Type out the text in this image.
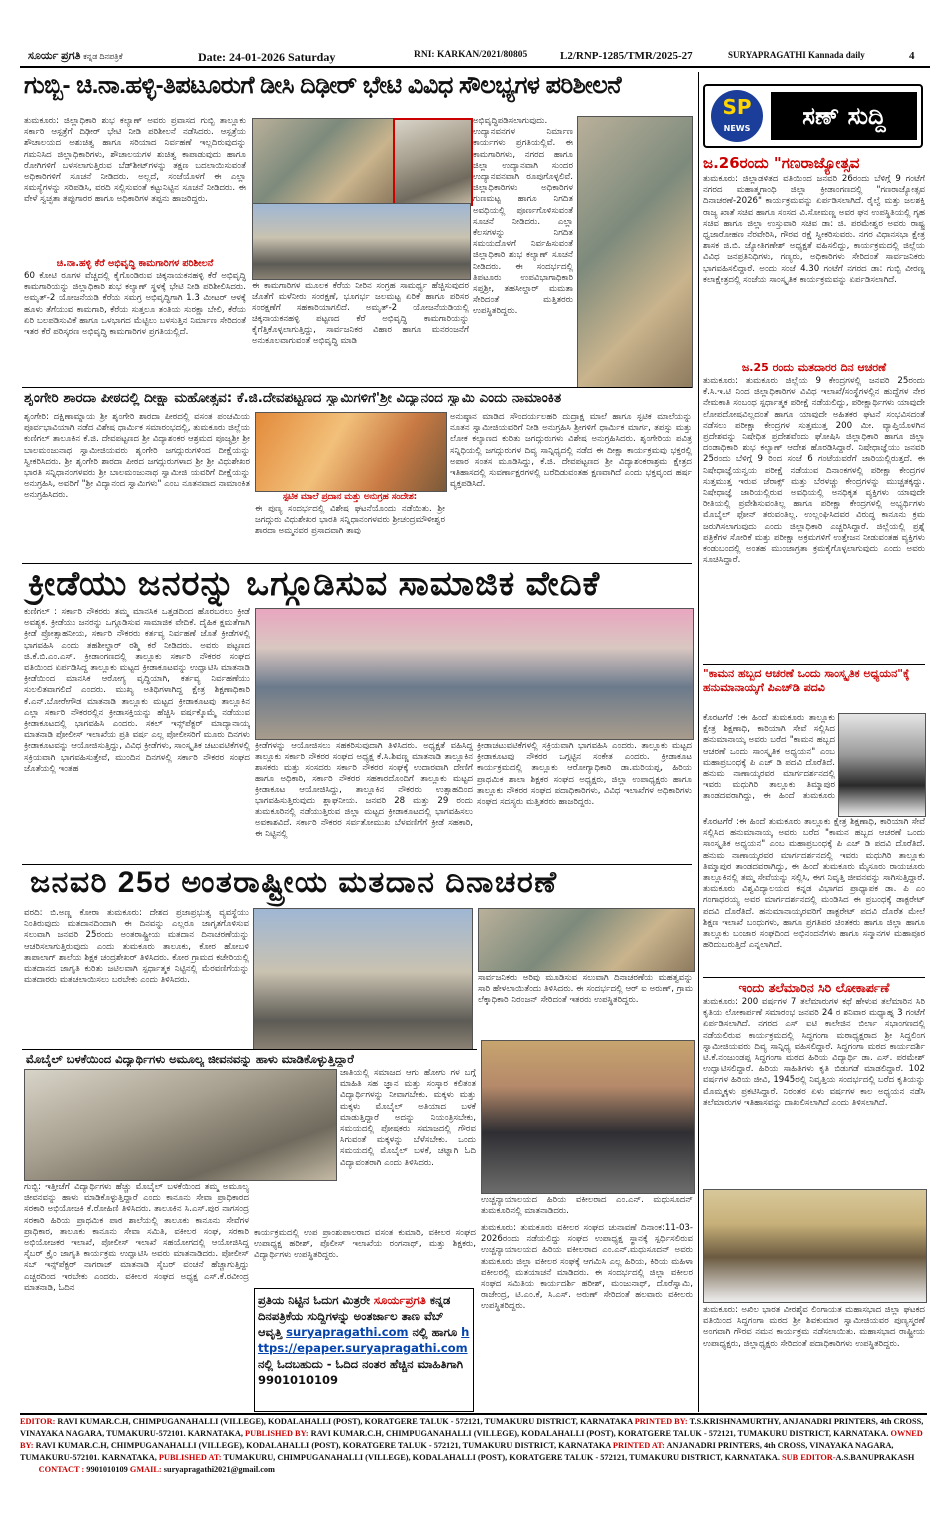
ಸೂರ್ಯ ಪ್ರಗತಿ ಕನ್ನಡ ದಿನಪತ್ರಿಕೆ	Date: 24-01-2026 Saturday	RNI: KARKAN/2021/80805	L2/RNP-1285/TMR/2025-27	SURYAPRAGATHI Kannada daily	4
ಗುಬ್ಬಿ- ಚಿ.ನಾ.ಹಳ್ಳಿ-ತಿಪಟೂರುಗೆ ಡೀಸಿ ದಿಢೀರ್ ಭೇಟಿ ವಿವಿಧ ಸೌಲಭ್ಯಗಳ ಪರಿಶೀಲನೆ
ತುಮಕೂರು: ಜಿಲ್ಲಾಧಿಕಾರಿ ಶುಭ ಕಲ್ಯಾಣ್ ಅವರು ಪ್ರವಾಸದ ಗುಬ್ಬಿ ತಾಲ್ಲೂಕು ಸರ್ಕಾರಿ ಆಸ್ಪತ್ರೆಗೆ ದಿಢೀರ್ ಭೇಟಿ ನೀಡಿ ಪರಿಶೀಲನೆ ನಡೆಸಿದರು. ಆಸ್ಪತ್ರೆಯ ಶೌಚಾಲಯದ ಅಶುಚಿತ್ವ ಹಾಗೂ ಸರಿಯಾದ ನಿರ್ವಹಣೆ ಇಲ್ಲದಿರುವುದನ್ನು ಗಮನಿಸಿದ ಜಿಲ್ಲಾಧಿಕಾರಿಗಳು, ಶೌಚಾಲಯಗಳ ಶುಚಿತ್ವ ಕಾಪಾಡುವುದು ಹಾಗೂ ರೋಗಿಗಳಿಗೆ ಬಳಸಲಾಗುತ್ತಿರುವ ಬೆಡ್‌ಶೀಟ್‌ಗಳನ್ನು ತಕ್ಷಣ ಬದಲಾಯಿಸುವಂತೆ ಅಧಿಕಾರಿಗಳಿಗೆ ಸೂಚನೆ ನೀಡಿದರು. ಅಲ್ಲದೆ, ಸಂಜೆಯೊಳಗೆ ಈ ಎಲ್ಲಾ ಸಮಸ್ಯೆಗಳನ್ನು ಸರಿಪಡಿಸಿ, ವರದಿ ಸಲ್ಲಿಸುವಂತೆ ಕಟ್ಟುನಿಟ್ಟಿನ ಸೂಚನೆ ನೀಡಿದರು. ಈ ವೇಳೆ ಸ್ವಚ್ಛತಾ ತಪ್ಪುಗಾರರ ಹಾಗೂ ಅಧಿಕಾರಿಗಳ ತಪ್ಪನು ಹಾಜರಿದ್ದರು.
ಚಿ.ನಾ.ಹಳ್ಳಿ ಕೆರೆ ಅಭಿವೃದ್ಧಿ ಕಾಮಗಾರಿಗಳ ಪರಿಶೀಲನೆ
60 ಕೋಟಿ ರೂಗಳ ವೆಚ್ಚದಲ್ಲಿ ಕೈಗೊಂಡಿರುವ ಚಿಕ್ಕನಾಯಕನಹಳ್ಳಿ ಕೆರೆ ಅಭಿವೃದ್ಧಿ ಕಾಮಗಾರಿಯನ್ನು ಜಿಲ್ಲಾಧಿಕಾರಿ ಶುಭ ಕಲ್ಯಾಣ್ ಸ್ಥಳಕ್ಕೆ ಭೇಟಿ ನೀಡಿ ಪರಿಶೀಲಿಸಿದರು. ಅಮೃತ್-2 ಯೋಜನೆಯಡಿ ಕೆರೆಯ ಸಮಗ್ರ ಅಭಿವೃದ್ಧಿಗಾಗಿ 1.3 ಮೀಟರ್ ಆಳಕ್ಕೆ ಹೂಳು ತೆಗೆಯುವ ಕಾಮಗಾರಿ, ಕೆರೆಯ ಸುತ್ತಲೂ ತಂತಿಯ ಸುರಕ್ಷಾ ಬೇಲಿ, ಕೆರೆಯ ಏರಿ ಬಲಪಡಿಸುವಿಕೆ ಹಾಗೂ ಒಳಭಾಗದ ಮೆಟ್ಟಿಲು ಬಳಸುತ್ತಿನ ನಿರ್ಮಾಣ ಸೇರಿದಂತೆ ಇತರ ಕೆರೆ ಪರಿಸ್ಕರಣ ಅಭಿವೃದ್ಧಿ ಕಾಮಗಾರಿಗಳ ಪ್ರಗತಿಯಲ್ಲಿದೆ.
ಈ ಕಾಮಗಾರಿಗಳ ಮೂಲಕ ಕೆರೆಯ ನೀರಿನ ಸಂಗ್ರಹ ಸಾಮರ್ಥ್ಯ ಹೆಚ್ಚಿಸುವುದರ ಜೊತೆಗೆ ಮಳೆನೀರು ಸಂರಕ್ಷಣೆ, ಭೂಗರ್ಭ ಜಲಮಟ್ಟ ಏರಿಕೆ ಹಾಗೂ ಪರಿಸರ ಸಂರಕ್ಷಣೆಗೆ ಸಹಕಾರಿಯಾಗಲಿದೆ. ಅಮೃತ್-2 ಯೋಜನೆಯಡಿಯಲ್ಲಿ ಚಿಕ್ಕನಾಯಕನಹಳ್ಳಿ ಪಟ್ಟಣದ ಕೆರೆ ಅಭಿವೃದ್ಧಿ ಕಾಮಗಾರಿಯನ್ನು ಕೈಗೆತ್ತಿಕೊಳ್ಳಲಾಗುತ್ತಿದ್ದು, ಸಾರ್ವಜನಿಕರ ವಿಹಾರ ಹಾಗೂ ಮನರಂಜನೆಗೆ ಅನುಕೂಲವಾಗುವಂತೆ ಅಭಿವೃದ್ಧಿ ಮಾಡಿ
ಅಭಿವೃದ್ಧಿಪಡಿಸಲಾಗುವುದು. ಉದ್ಯಾನವನಗಳ ನಿರ್ಮಾಣ ಕಾರ್ಯಗಳು ಪ್ರಗತಿಯಲ್ಲಿವೆ. ಈ ಕಾಮಗಾರಿಗಳು, ನಗರದ ಹಾಗೂ ಜಿಲ್ಲಾ ಉದ್ಯಾನವಾಗಿ ಸುಂದರ ಉದ್ಯಾನವನವಾಗಿ ರೂಪುಗೊಳ್ಳಲಿವೆ. ಜಿಲ್ಲಾಧಿಕಾರಿಗಳು ಅಧಿಕಾರಿಗಳ ಗುಣಮಟ್ಟ ಹಾಗೂ ನಿಗದಿತ ಅವಧಿಯಲ್ಲಿ ಪೂರ್ಣಗೊಳಿಸುವಂತೆ ಸೂಚನೆ ನೀಡಿದರು. ಎಲ್ಲಾ ಕೆಲಸಗಳನ್ನು ನಿಗದಿತ ಸಮಯದೊಳಗೆ ನಿರ್ವಹಿಸುವಂತೆ ಜಿಲ್ಲಾಧಿಕಾರಿ ಶುಭ ಕಲ್ಯಾಣ್ ಸೂಚನೆ ನೀಡಿದರು. ಈ ಸಂದರ್ಭದಲ್ಲಿ ತಿಪಟೂರು ಉಪವಿಭಾಗಾಧಿಕಾರಿ ಸಪ್ತಶ್ರೀ, ತಹಸೀಲ್ದಾರ್ ಮಮತಾ ಸೇರಿದಂತೆ ಮತ್ತಿತರರು ಉಪಸ್ಥಿತರಿದ್ದರು.
ಶೃಂಗೇರಿ ಶಾರದಾ ಪೀಠದಲ್ಲಿ ದೀಕ್ಷಾ ಮಹೋತ್ಸವ: ಕೆ.ಜಿ.ದೇವಪಟ್ಟಣದ ಸ್ವಾಮಿಗಳಿಗೆ'ಶ್ರೀ ವಿದ್ಯಾನಂದ ಸ್ವಾಮಿ ಎಂದು ನಾಮಾಂಕಿತ
ಶೃಂಗೇರಿ: ದಕ್ಷಿಣಾಮ್ನಾಯ ಶ್ರೀ ಶೃಂಗೇರಿ ಶಾರದಾ ಪೀಠದಲ್ಲಿ ವಸಂತ ಪಂಚಮಿಯ ಪೂರ್ವಭಾವಿಯಾಗಿ ನಡೆದ ವಿಶೇಷ ಧಾರ್ಮಿಕ ಸಮಾರಂಭದಲ್ಲಿ, ತುಮಕೂರು ಜಿಲ್ಲೆಯ ಕುಣಿಗಲ್ ತಾಲೂಕಿನ ಕೆ.ಜಿ. ದೇವಪಟ್ಟಣದ ಶ್ರೀ ವಿದ್ಯಾಶಂಕರ ಆಶ್ರಮದ ಪೂಜ್ಯಶ್ರೀ ಶ್ರೀ ಬಾಲಮಂಜುನಾಥ ಸ್ವಾಮೀಜಿಯವರು ಶೃಂಗೇರಿ ಜಗದ್ಗುರುಗಳಿಂದ ದೀಕ್ಷೆಯನ್ನು ಸ್ವೀಕರಿಸಿದರು. ಶ್ರೀ ಶೃಂಗೇರಿ ಶಾರದಾ ಪೀಠದ ಜಗದ್ಗುರುಗಳಾದ ಶ್ರೀ ಶ್ರೀ ವಿಧುಶೇಖರ ಭಾರತಿ ಸನ್ನಿಧಾನಂಗಳವರು ಶ್ರೀ ಬಾಲಮಂಜುನಾಥ ಸ್ವಾಮೀಜಿ ಯವರಿಗೆ ದೀಕ್ಷೆಯನ್ನು ಅನುಗ್ರಹಿಸಿ, ಅವರಿಗೆ "ಶ್ರೀ ವಿದ್ಯಾನಂದ ಸ್ವಾಮಿಗಳು" ಎಂಬ ನೂತನವಾದ ನಾಮಾಂಕಿತ ಅನುಗ್ರಹಿಸಿದರು.	ಸ್ಪಟಿಕ ಮಾಲೆ ಪ್ರದಾನ ಮತ್ತು ಅನುಗ್ರಹ ಸಂದೇಶ:
ಈ ಪುಣ್ಯ ಸಂದರ್ಭದಲ್ಲಿ ವಿಶೇಷ ಘಟನೆಯೊಂದು ನಡೆಯಿತು. ಶ್ರೀ ಜಗದ್ಗುರು ವಿಧುಶೇಖರ ಭಾರತಿ ಸನ್ನಿಧಾನಂಗಳವರು ಶ್ರೀಚಂದ್ರಮೌಳೀಶ್ವರ ಶಾರದಾ ಅಮ್ಮನವರ ಪ್ರಸಾದವಾಗಿ ತಾವು
ಅನುಷ್ಠಾನ ಮಾಡಿದ ಸೌಂದರ್ಯಲಹರಿ ದುದ್ರಾಕ್ಷ ಮಾಲೆ ಹಾಗೂ ಸ್ಫಟಿಕ ಮಾಲೆಯನ್ನು ನೂತನ ಸ್ವಾಮೀಜಿಯವರಿಗೆ ನೀಡಿ ಅನುಗ್ರಹಿಸಿ ಶ್ರೀಗಳಿಗೆ ಧಾರ್ಮಿಕ ಮಾರ್ಗ, ತಪಸ್ಸು ಮತ್ತು ಲೋಕ ಕಲ್ಯಾಣದ ಕುರಿತು ಜಗದ್ಗುರುಗಳು ವಿಶೇಷ ಅನುಗ್ರಹಿಸಿದರು. ಶೃಂಗೇರಿಯ ಪವಿತ್ರ ಸನ್ನಿಧಿಯಲ್ಲಿ ಜಗದ್ಗುರುಗಳ ದಿವ್ಯ ಸಾನ್ನಿಧ್ಯದಲ್ಲಿ ನಡೆದ ಈ ದೀಕ್ಷಾ ಕಾರ್ಯಕ್ರಮವು ಭಕ್ತರಲ್ಲಿ ಅಪಾರ ಸಂತಸ ಮೂಡಿಸಿದ್ದು, ಕೆ.ಜಿ. ದೇವಪಟ್ಟಣದ ಶ್ರೀ ವಿದ್ಯಾಶಂಕರಾಶ್ರಮ ಕ್ಷೇತ್ರದ ಇತಿಹಾಸದಲ್ಲಿ ಸುವರ್ಣಾಕ್ಷರಗಳಲ್ಲಿ ಬರೆದಿಡುವಂತಹ ಕ್ಷಣವಾಗಿದೆ ಎಂದು ಭಕ್ತವೃಂದ ಹರ್ಷ ವ್ಯಕ್ತಪಡಿಸಿದೆ.
ಕ್ರೀಡೆಯು ಜನರನ್ನು ಒಗ್ಗೂಡಿಸುವ ಸಾಮಾಜಿಕ ವೇದಿಕೆ
ಕುಣಿಗಲ್ : ಸರ್ಕಾರಿ ನೌಕರರು ತಮ್ಮ ಮಾನಸಿಕ ಒತ್ತಡದಿಂದ ಹೊರಬರಲು ಕ್ರೀಡೆ ಅವಶ್ಯಕ. ಕ್ರೀಡೆಯು ಜನರನ್ನು ಒಗ್ಗೂಡಿಸುವ ಸಾಮಾಜಿಕ ವೇದಿಕೆ. ದೈಹಿಕ ಕ್ಷಮತೆಗಾಗಿ ಕ್ರೀಡೆ ಪ್ರೋತ್ಸಾಹನೀಯ, ಸರ್ಕಾರಿ ನೌಕರರು ಕರ್ತವ್ಯ ನಿರ್ವಹಣೆ ಜೊತೆ ಕ್ರೀಡೆಗಳಲ್ಲಿ ಭಾಗವಹಿಸಿ ಎಂದು ತಹಶೀಲ್ದಾರ್ ರಶ್ಮಿ ಕರೆ ನೀಡಿದರು. ಅವರು ಪಟ್ಟಣದ ಜಿ.ಕೆ.ಬಿ.ಎಂ.ಎಸ್. ಕ್ರೀಡಾಂಗಣದಲ್ಲಿ ತಾಲ್ಲೂಕು ಸರ್ಕಾರಿ ನೌಕರರ ಸಂಘದ ವತಿಯಿಂದ ಏರ್ಪಡಿಸಿದ್ದ ತಾಲ್ಲೂಕು ಮಟ್ಟದ ಕ್ರೀಡಾಕೂಟವನ್ನು ಉದ್ಘಾಟಿಸಿ ಮಾತನಾಡಿ ಕ್ರೀಡೆಯಿಂದ ಮಾನಸಿಕ ಆರೋಗ್ಯ ವೃದ್ಧಿಯಾಗಿ, ಕರ್ತವ್ಯ ನಿರ್ವಹಣೆಯು ಸುಲಲಿತವಾಗಲಿದೆ ಎಂದರು. ಮುಖ್ಯ ಅತಿಥಿಗಳಾಗಿದ್ದ ಕ್ಷೇತ್ರ ಶಿಕ್ಷಣಾಧಿಕಾರಿ ಕೆ.ಎನ್.ಬೋರೇಗೌಡ ಮಾತನಾಡಿ ತಾಲ್ಲೂಕು ಮಟ್ಟದ ಕ್ರೀಡಾಕೂಟವು ತಾಲ್ಲೂಕಿನ ಎಲ್ಲಾ ಸರ್ಕಾರಿ ನೌಕರರಲ್ಲಿನ ಕ್ರೀಡಾಸಕ್ತಿಯನ್ನು ಹೆಚ್ಚಿಸಿ ವರ್ಷಕ್ಕೊಮ್ಮೆ ನಡೆಯುವ ಕ್ರೀಡಾಕೂಟದಲ್ಲಿ ಭಾಗವಹಿಸಿ ಎಂದರು. ಸಕಲ್ ಇನ್ಸ್‌ಪೆಕ್ಟರ್ ಮಾದ್ಯಾನಾಯ್ಕ ಮಾತನಾಡಿ ಪೋಲೀಸ್ ಇಲಾಖೆಯ ಪ್ರತಿ ವರ್ಷ ಎಲ್ಲ ಪೋಲೀಸರಿಗೆ ಮೂರು ದಿನಗಳು ಕ್ರೀಡಾಕೂಟವನ್ನು ಆಯೋಜಿಸುತ್ತಿದ್ದು, ವಿವಿಧ ಕ್ರೀಡೆಗಳು, ಸಾಂಸ್ಕೃತಿಕ ಚಟುವಟಿಕೆಗಳಲ್ಲಿ ಸಕ್ರಿಯವಾಗಿ ಭಾಗವಹಿಸುತ್ತೇವೆ, ಮುಂದಿನ ದಿನಗಳಲ್ಲಿ ಸರ್ಕಾರಿ ನೌಕರರ ಸಂಘದ ಜೊತೆಯಲ್ಲಿ ಇಂತಹ
ಕ್ರೀಡೆಗಳನ್ನು ಆಯೋಜಿಸಲು ಸಹಕರಿಸುವುದಾಗಿ ತಿಳಿಸಿದರು. ಅಧ್ಯಕ್ಷತೆ ವಹಿಸಿದ್ದ ತಾಲ್ಲೂಕು ಸರ್ಕಾರಿ ನೌಕರರ ಸಂಘದ ಅಧ್ಯಕ್ಷ ಕೆ.ಸಿ.ಶಿವಣ್ಣ ಮಾತನಾಡಿ ತಾಲ್ಲೂಕಿನ ಶಾಸಕರು ಮತ್ತು ಸಂಸದರು ಸರ್ಕಾರಿ ನೌಕರರ ಸಂಘಕ್ಕೆ ಉದಾರವಾಗಿ ದೇಣಿಗೆ ಹಾಗೂ ಅಧಿಕಾರಿ, ಸರ್ಕಾರಿ ನೌಕರರ ಸಹಕಾರದೊಂದಿಗೆ ತಾಲ್ಲೂಕು ಮಟ್ಟದ ಕ್ರೀಡಾಕೂಟ ಆಯೋಜಿಸಿದ್ದು, ತಾಲ್ಲೂಕಿನ ನೌಕರರು ಉತ್ಸಾಹದಿಂದ ಭಾಗವಹಿಸುತ್ತಿರುವುದು ಶ್ಲಾಘನೀಯ. ಜನವರಿ 28 ಮತ್ತು 29 ರಂದು ತುಮಕೂರಿನಲ್ಲಿ ನಡೆಯುತ್ತಿರುವ ಜಿಲ್ಲಾ ಮಟ್ಟದ ಕ್ರೀಡಾಕೂಟದಲ್ಲಿ ಭಾಗವಹಿಸಲು ಅವಕಾಶವಿದೆ. ಸರ್ಕಾರಿ ನೌಕರರ ಸರ್ವತೋಮುಖ ಬೆಳವಣಿಗೆಗೆ ಕ್ರೀಡೆ ಸಹಕಾರಿ, ಈ ನಿಟ್ಟಿನಲ್ಲಿ
ಕ್ರೀಡಾಚಟುವಟಿಕೆಗಳಲ್ಲಿ ಸಕ್ರಿಯವಾಗಿ ಭಾಗವಹಿಸಿ ಎಂದರು. ತಾಲ್ಲೂಕು ಮಟ್ಟದ ಕ್ರೀಡಾಕೂಟವು ನೌಕರರ ಒಗ್ಗಟ್ಟಿನ ಸಂಕೇತ ಎಂದರು. ಕ್ರೀಡಾಕೂಟ ಕಾರ್ಯಕ್ರಮದಲ್ಲಿ ತಾಲ್ಲೂಕು ಆರೋಗ್ಯಾಧಿಕಾರಿ ಡಾ.ಮರಿಯಪ್ಪ, ಹಿರಿಯ ಪ್ರಾಥಮಿಕ ಶಾಲಾ ಶಿಕ್ಷಕರ ಸಂಘದ ಅಧ್ಯಕ್ಷರು, ಜಿಲ್ಲಾ ಉಪಾಧ್ಯಕ್ಷರು ಹಾಗೂ ತಾಲ್ಲೂಕು ನೌಕರರ ಸಂಘದ ಪದಾಧಿಕಾರಿಗಳು, ವಿವಿಧ ಇಲಾಖೆಗಳ ಅಧಿಕಾರಿಗಳು ಸಂಘದ ಸದಸ್ಯರು ಮತ್ತಿತರರು ಹಾಜರಿದ್ದರು.
ಜನವರಿ 25ರ ಅಂತರಾಷ್ಟ್ರೀಯ ಮತದಾನ ದಿನಾಚರಣೆ
ವರದಿ: ಬಿ.ಅಣ್ಣ ಕೋರಾ ತುಮಕೂರು: ದೇಶದ ಪ್ರಜಾಪ್ರಭುತ್ವ ವ್ಯವಸ್ಥೆಯು ನಿಂತಿರುವುದು ಮತದಾನದಿಂದಾಗಿ ಈ ದಿನವನ್ನು ಎಲ್ಲರೂ ಜಾಗೃತಗೊಳಿಸುವ ಸಲುವಾಗಿ ಜನವರಿ 25ರಂದು ಅಂತರಾಷ್ಟ್ರೀಯ ಮತದಾನ ದಿನಾಚರಣೆಯನ್ನು ಆಚರಿಸಲಾಗುತ್ತಿರುವುದು ಎಂದು ತುಮಕೂರು ತಾಲೂಕು, ಕೋರ ಹೋಬಳಿ ತಾಪಾಲಾಗ್‌ ಶಾಲೆಯ ಶಿಕ್ಷಕ ಚಂದ್ರಶೇಖರ್ ತಿಳಿಸಿದರು. ಕೋರ ಗ್ರಾಮದ ಕಚೇರಿಯಲ್ಲಿ ಮತದಾನದ ಜಾಗೃತಿ ಕುರಿತು ಜಟಿಲವಾಗಿ ಸ್ಪರ್ಧಾತ್ಮಕ ನಿಟ್ಟಿನಲ್ಲಿ ಮೆರವಣಿಗೆಯನ್ನು ಮತದಾರರು ಮತಚಲಾಯಿಸಲು ಬರಬೇಕು ಎಂದು ತಿಳಿಸಿದರು.	ಸಾರ್ವಜನಿಕರು ಅರಿವು ಮೂಡಿಸುವ ಸಲುವಾಗಿ ದಿನಾಚರಣೆಯ ಮಹತ್ವವನ್ನು ಸಾರಿ ಹೇಳಲಾಯಿತೆಂದು ತಿಳಿಸಿದರು. ಈ ಸಂದರ್ಭದಲ್ಲಿ ಆರ್ ಐ ಅರುಣ್, ಗ್ರಾಮ ಲೆಕ್ಕಾಧಿಕಾರಿ ನಿರಂಜನ್ ಸೇರಿದಂತೆ ಇತರರು ಉಪಸ್ಥಿತರಿದ್ದರು.
ಮೊಬೈಲ್ ಬಳಕೆಯಿಂದ ವಿದ್ಯಾರ್ಥಿಗಳು ಅಮೂಲ್ಯ ಜೀವನವನ್ನು ಹಾಳು ಮಾಡಿಕೊಳ್ಳುತ್ತಿದ್ದಾರೆ
ಜಾತಿಯಲ್ಲಿ ಸಮಾಜದ ಆಗು ಹೋಗು ಗಳ ಬಗ್ಗೆ ಮಾಹಿತಿ ಸಹ ಜ್ಞಾನ ಮತ್ತು ಸಂಸ್ಕಾರ ಕಲಿತಂತ ವಿದ್ಯಾರ್ಥಿಗಳನ್ನು ನೀವಾಗಬೇಕು. ಮಕ್ಕಳು ಮತ್ತು ಮಕ್ಕಳು ಮೊಬೈಲ್ ಅತಿಯಾದ ಬಳಕೆ ಮಾಡುತ್ತಿದ್ದಾರೆ ಅದನ್ನು ನಿಯಂತ್ರಿಸಬೇಕು, ಸಮಯದಲ್ಲಿ ಪೋಷಕರು ಸಮಾಜದಲ್ಲಿ ಗೌರವ ಸಿಗುವಂತೆ ಮಕ್ಕಳನ್ನು ಬೆಳೆಸಬೇಕು. ಒಂದು ಸಮಯದಲ್ಲಿ ಮೊಬೈಲ್ ಬಳಕೆ, ಚಟ್ನಾಗಿ ಓದಿ ವಿದ್ಯಾವಂತರಾಗಿ ಎಂದು ತಿಳಿಸಿದರು.
ಗುಬ್ಬಿ: ಇತ್ತೀಚೆಗೆ ವಿದ್ಯಾರ್ಥಿಗಳು ಹೆಚ್ಚು ಮೊಬೈಲ್ ಬಳಕೆಯಿಂದ ತಮ್ಮ ಅಮೂಲ್ಯ ಜೀವನವನ್ನು ಹಾಳು ಮಾಡಿಕೊಳ್ಳುತ್ತಿದ್ದಾರೆ ಎಂದು ಕಾನೂನು ಸೇವಾ ಪ್ರಾಧಿಕಾರದ ಸರಕಾರಿ ಅಭಿಯೋಜಕಿ ಕೆ.ರೋಹಿಣಿ ತಿಳಿಸಿದರು. ತಾಲೂಕಿನ ಸಿ.ಎಸ್.ಪುರ ನಾಗಸಂದ್ರ ಸರಕಾರಿ ಹಿರಿಯ ಪ್ರಾಥಮಿಕ ಪಾಠ ಶಾಲೆಯಲ್ಲಿ ತಾಲೂಕು ಕಾನೂನು ಸೇವೆಗಳ ಪ್ರಾಧಿಕಾರ, ತಾಲೂಕು ಕಾನೂನು ಸೇವಾ ಸಮಿತಿ, ವಕೀಲರ ಸಂಘ, ಸರಕಾರಿ ಅಭಿಯೋಜಕರ ಇಲಾಖೆ, ಪೋಲೀಸ್ ಇಲಾಖೆ ಸಹಯೋಗದಲ್ಲಿ ಆಯೋಜಿಸಿದ್ದ ಸೈಬರ್ ಕ್ರೈಂ ಜಾಗೃತಿ ಕಾರ್ಯಕ್ರಮ ಉದ್ಘಾಟಿಸಿ ಅವರು ಮಾತನಾಡಿದರು. ಪೋಲೀಸ್ ಸಬ್ ಇನ್ಸ್‌ಪೆಕ್ಟರ್ ನಾಗರಾಜ್ ಮಾತನಾಡಿ ಸೈಬರ್ ವಂಚನೆ ಹೆಚ್ಚಾಗುತ್ತಿದ್ದು ಎಚ್ಚರದಿಂದ ಇರಬೇಕು ಎಂದರು. ವಕೀಲರ ಸಂಘದ ಅಧ್ಯಕ್ಷ ಎಸ್.ಕೆ.ರವೀಂದ್ರ ಮಾತನಾಡಿ, ಓದಿನ
ಕಾರ್ಯಕ್ರಮದಲ್ಲಿ ಉಪ ಪ್ರಾಂಶುಪಾಲರಾದ ವಸಂತ ಕುಮಾರಿ, ವಕೀಲರ ಸಂಘದ ಉಪಾಧ್ಯಕ್ಷ ಹರೀಶ್, ಪೊಲೀಸ್ ಇಲಾಖೆಯ ರಂಗನಾಥ್, ಮತ್ತು ಶಿಕ್ಷಕರು, ವಿದ್ಯಾರ್ಥಿಗಳು ಉಪಸ್ಥಿತರಿದ್ದರು.
ಪ್ರತಿಯ ನಿಟ್ಟಿನ ಓದುಗ ಮಿತ್ರರೇ ಸೂರ್ಯಪ್ರಗತಿ ಕನ್ನಡ ದಿನಪತ್ರಿಕೆಯ ಸುದ್ದಿಗಳನ್ನು ಅಂತರ್ಜಾಲ ತಾಣ ವೆಬ್ ಆವೃತ್ತಿ suryapragathi.com ನಲ್ಲಿ ಹಾಗೂ https://epaper.suryapragathi.com ನಲ್ಲಿ ಓದಬಹುದು - ಓದಿದ ನಂತರ ಹೆಚ್ಚಿನ ಮಾಹಿತಿಗಾಗಿ 9901010109
ಉಚ್ಚನ್ಯಾಯಾಲಯದ ಹಿರಿಯ ವಕೀಲರಾದ ಎಂ.ಎನ್. ಮಧುಸೂದನ್ ತುಮಕೂರಿನಲ್ಲಿ ಮಾತನಾಡಿದರು.
ತುಮಕೂರು: ತುಮಕೂರು ವಕೀಲರ ಸಂಘದ ಚುನಾವಣೆ ದಿನಾಂಕ:11-03-2026ರಂದು ನಡೆಯಲಿದ್ದು ಸಂಘದ ಉಪಾಧ್ಯಕ್ಷ ಸ್ಥಾನಕ್ಕೆ ಸ್ಪರ್ಧಿಸಲಿರುವ ಉಚ್ಚನ್ಯಾಯಾಲಯದ ಹಿರಿಯ ವಕೀಲರಾದ ಎಂ.ಎನ್.ಮಧುಸೂದನ್ ಅವರು ತುಮಕೂರು ಜಿಲ್ಲಾ ವಕೀಲರ ಸಂಘಕ್ಕೆ ಆಗಮಿಸಿ ಎಲ್ಲ ಹಿರಿಯ, ಕಿರಿಯ ಮಹಿಳಾ ವಕೀಲರಲ್ಲಿ ಮತಯಾಚನೆ ಮಾಡಿದರು. ಈ ಸಂದರ್ಭದಲ್ಲಿ ಜಿಲ್ಲಾ ವಕೀಲರ ಸಂಘದ ಸಮಿತಿಯ ಕಾರ್ಯದರ್ಶಿ ಹರೀಶ್, ಮಂಜುನಾಥ್, ದೊರೆಸ್ವಾಮಿ, ರಾಜೇಂದ್ರ, ಟಿ.ಎಂ.ಕೆ, ಸಿ.ಎಸ್. ಅರುಣ್ ಸೇರಿದಂತೆ ಹಲವಾರು ವಕೀಲರು ಉಪಸ್ಥಿತರಿದ್ದರು.
SP
NEWS	ಸಣ್ ಸುದ್ದಿ
ಜ.26ರಂದು "ಗಣರಾಜ್ಯೋತ್ಸವ
ತುಮಕೂರು: ಜಿಲ್ಲಾಡಳಿತದ ವತಿಯಿಂದ ಜನವರಿ 26ರಂದು ಬೆಳಿಗ್ಗೆ 9 ಗಂಟೆಗೆ ನಗರದ ಮಹಾತ್ಮಗಾಂಧಿ ಜಿಲ್ಲಾ ಕ್ರೀಡಾಂಗಣದಲ್ಲಿ "ಗಣರಾಜ್ಯೋತ್ಸವ ದಿನಾಚರಣೆ-2026" ಕಾರ್ಯಕ್ರಮವನ್ನು ಏರ್ಪಡಿಸಲಾಗಿದೆ. ರೈಲ್ವೆ ಮತ್ತು ಜಲಶಕ್ತಿ ರಾಜ್ಯ ಖಾತೆ ಸಚಿವ ಹಾಗೂ ಸಂಸದ ವಿ.ಸೋಮಣ್ಣ ಅವರ ಘನ ಉಪಸ್ಥಿತಿಯಲ್ಲಿ ಗೃಹ ಸಚಿವ ಹಾಗೂ ಜಿಲ್ಲಾ ಉಸ್ತುವಾರಿ ಸಚಿವ ಡಾ: ಜಿ. ಪರಮೇಶ್ವರ ಅವರು ರಾಷ್ಟ್ರ ಧ್ವಜಾರೋಹಣ ನೆರವೇರಿಸಿ, ಗೌರವ ರಕ್ಷೆ ಸ್ವೀಕರಿಸುವರು. ನಗರ ವಿಧಾನಸಭಾ ಕ್ಷೇತ್ರ ಶಾಸಕ ಜಿ.ಬಿ. ಜ್ಯೋತಿಗಣೇಶ್ ಅಧ್ಯಕ್ಷತೆ ವಹಿಸಲಿದ್ದು, ಕಾರ್ಯಕ್ರಮದಲ್ಲಿ ಜಿಲ್ಲೆಯ ವಿವಿಧ ಜನಪ್ರತಿನಿಧಿಗಳು, ಗಣ್ಯರು, ಅಧಿಕಾರಿಗಳು ಸೇರಿದಂತೆ ಸಾರ್ವಜನಿಕರು ಭಾಗವಹಿಸಲಿದ್ದಾರೆ. ಅಂದು ಸಂಜೆ 4.30 ಗಂಟೆಗೆ ನಗರದ ಡಾ: ಗುಬ್ಬಿ ವೀರಣ್ಣ ಕಲಾಕ್ಷೇತ್ರದಲ್ಲಿ ಸಂಜೆಯ ಸಾಂಸ್ಕೃತಿಕ ಕಾರ್ಯಕ್ರಮವನ್ನು ಏರ್ಪಡಿಸಲಾಗಿದೆ.
ಜ.25 ರಂದು ಮತದಾರರ ದಿನ ಆಚರಣೆ
ತುಮಕೂರು: ತುಮಕೂರು ಜಿಲ್ಲೆಯ 9 ಕೇಂದ್ರಗಳಲ್ಲಿ ಜನವರಿ 25ರಂದು ಕೆ.ಸಿ.ಇ.ಟಿ ನಿಂದ ಜಿಲ್ಲಾಧಿಕಾರಿಗಳ ವಿವಿಧ ಇಲಾಖೆ/ಸಂಸ್ಥೆಗಳಲ್ಲಿನ ಹುದ್ದೆಗಳ ನೇರ ನೇಮಕಾತಿ ಸಂಬಂಧ ಸ್ಪರ್ಧಾತ್ಮಕ ಪರೀಕ್ಷೆ ನಡೆಯಲಿದ್ದು, ಪರೀಕ್ಷಾರ್ಥಿಗಳು ಯಾವುದೇ ಲೋಪದೋಷವಿಲ್ಲದಂತೆ ಹಾಗೂ ಯಾವುದೇ ಅಹಿತಕರ ಘಟನೆ ಸಂಭವಿಸದಂತೆ ನಡೆಸಲು ಪರೀಕ್ಷಾ ಕೇಂದ್ರಗಳ ಸುತ್ತಮುತ್ತ 200 ಮೀ. ವ್ಯಾಪ್ತಿಯೊಳಗಿನ ಪ್ರದೇಶವನ್ನು ನಿಷೇಧಿತ ಪ್ರದೇಶವೆಂದು ಘೋಷಿಸಿ ಜಿಲ್ಲಾಧಿಕಾರಿ ಹಾಗೂ ಜಿಲ್ಲಾ ದಂಡಾಧಿಕಾರಿ ಶುಭ ಕಲ್ಯಾಣ್ ಆದೇಶ ಹೊರಡಿಸಿದ್ದಾರೆ. ನಿಷೇಧಾಜ್ಞೆಯು ಜನವರಿ 25ರಂದು ಬೆಳಿಗ್ಗೆ 9 ರಿಂದ ಸಂಜೆ 6 ಗಂಟೆಯವರೆಗೆ ಜಾರಿಯಲ್ಲಿರುತ್ತದೆ. ಈ ನಿಷೇಧಾಜ್ಞೆಯನ್ವಯ ಪರೀಕ್ಷೆ ನಡೆಯುವ ದಿನಾಂಕಗಳಲ್ಲಿ ಪರೀಕ್ಷಾ ಕೇಂದ್ರಗಳ ಸುತ್ತಮುತ್ತ ಇರುವ ಜೆರಾಕ್ಸ್ ಮತ್ತು ಬೆರಳಚ್ಚು ಕೇಂದ್ರಗಳನ್ನು ಮುಚ್ಚತಕ್ಕದ್ದು. ನಿಷೇಧಾಜ್ಞೆ ಜಾರಿಯಲ್ಲಿರುವ ಅವಧಿಯಲ್ಲಿ ಅನಧಿಕೃತ ವ್ಯಕ್ತಿಗಳು ಯಾವುದೇ ರೀತಿಯಲ್ಲಿ ಪ್ರವೇಶಿಸುವಂತಿಲ್ಲ ಹಾಗೂ ಪರೀಕ್ಷಾ ಕೇಂದ್ರಗಳಲ್ಲಿ ಅಭ್ಯರ್ಥಿಗಳು ಮೊಬೈಲ್ ಫೋನ್ ತರುವಂತಿಲ್ಲ. ಉಲ್ಲಂಘಿಸಿದವರ ವಿರುದ್ಧ ಕಾನೂನು ಕ್ರಮ ಜರುಗಿಸಲಾಗುವುದು ಎಂದು ಜಿಲ್ಲಾಧಿಕಾರಿ ಎಚ್ಚರಿಸಿದ್ದಾರೆ. ಜಿಲ್ಲೆಯಲ್ಲಿ ಪ್ರಶ್ನೆ ಪತ್ರಿಕೆಗಳ ಸೋರಿಕೆ ಮತ್ತು ಪರೀಕ್ಷಾ ಅಕ್ರಮಗಳಿಗೆ ಉತ್ತೇಜನ ನೀಡುವಂತಹ ವ್ಯಕ್ತಿಗಳು ಕಂಡುಬಂದಲ್ಲಿ ಅಂತಹ ಮುಂಜಾಗ್ರತಾ ಕ್ರಮಕೈಗೊಳ್ಳಲಾಗುವುದು ಎಂದು ಅವರು ಸೂಚಿಸಿದ್ದಾರೆ.
"ಕಾಮನ ಹಬ್ಬದ ಆಚರಣೆ ಒಂದು ಸಾಂಸ್ಕೃತಿಕ ಅಧ್ಯಯನ"ಕ್ಕೆ ಹನುಮಾನಾಯ್ಕಗೆ ಪಿಎಚ್‌ಡಿ ಪದವಿ
ಕೊರಟಗೆರೆ :ಈ ಹಿಂದೆ ತುಮಕೂರು ತಾಲ್ಲೂಕು ಕ್ಷೇತ್ರ ಶಿಕ್ಷಣಾಧಿ, ಕಾರಿಯಾಗಿ ಸೇವೆ ಸಲ್ಲಿಸಿದ ಹನುಮಾನಾಯ್ಕ ಅವರು ಬರೆದ "ಕಾಮನ ಹಬ್ಬದ ಆಚರಣೆ ಒಂದು ಸಾಂಸ್ಕೃತಿಕ ಅಧ್ಯಯನ" ಎಂಬ ಮಹಾಪ್ರಬಂಧಕ್ಕೆ ಪಿ ಎಚ್ ಡಿ ಪದವಿ ದೊರೆತಿದೆ. ಹನುಮ ನಾಣಾಯ್ಕರವರ ಮಾರ್ಗದರ್ಶನದಲ್ಲಿ ಇವರು ಮಧುಗಿರಿ ತಾಲ್ಲೂಕು ತಿಮ್ಮಾಪುರ ತಾಂಡದವರಾಗಿದ್ದು, ಈ ಹಿಂದೆ ತುಮಕೂರು
ಕೊರಟಗೆರೆ :ಈ ಹಿಂದೆ ತುಮಕೂರು ತಾಲ್ಲೂಕು ಕ್ಷೇತ್ರ ಶಿಕ್ಷಣಾಧಿ, ಕಾರಿಯಾಗಿ ಸೇವೆ ಸಲ್ಲಿಸಿದ ಹನುಮಾನಾಯ್ಕ ಅವರು ಬರೆದ "ಕಾಮನ ಹಬ್ಬದ ಆಚರಣೆ ಒಂದು ಸಾಂಸ್ಕೃತಿಕ ಅಧ್ಯಯನ" ಎಂಬ ಮಹಾಪ್ರಬಂಧಕ್ಕೆ ಪಿ ಎಚ್ ಡಿ ಪದವಿ ದೊರೆತಿದೆ. ಹನುಮ ನಾಣಾಯ್ಕರವರ ಮಾರ್ಗದರ್ಶನದಲ್ಲಿ ಇವರು ಮಧುಗಿರಿ ತಾಲ್ಲೂಕು ತಿಮ್ಮಾಪುರ ತಾಂಡದವರಾಗಿದ್ದು, ಈ ಹಿಂದೆ ತುಮಕೂರು ಮೈಸೂರು ರಾಯಚೂರು ತಾಲ್ಲೂಕಿನಲ್ಲಿ ತಮ್ಮ ಸೇವೆಯನ್ನು ಸಲ್ಲಿಸಿ, ಈಗ ನಿವೃತ್ತಿ ಜೀವನವನ್ನು ಸಾಗಿಸುತ್ತಿದ್ದಾರೆ. ತುಮಕೂರು ವಿಶ್ವವಿದ್ಯಾಲಯದ ಕನ್ನಡ ವಿಭಾಗದ ಪ್ರಾಧ್ಯಾಪಕ ಡಾ. ಪಿ ಎಂ ಗಂಗಾಧರಯ್ಯ ಅವರ ಮಾರ್ಗದರ್ಶನದಲ್ಲಿ ಮಂಡಿಸಿದ ಈ ಪ್ರಬಂಧಕ್ಕೆ ಡಾಕ್ಟರೇಟ್ ಪದವಿ ದೊರೆತಿದೆ. ಹನುಮಾನಾಯ್ಕರವರಿಗೆ ಡಾಕ್ಟರೇಟ್ ಪದವಿ ದೊರೆತ ಮೇಲೆ ಶಿಕ್ಷಣ ಇಲಾಖೆ ಬಂಧುಗಳು, ಹಾಗೂ ಪ್ರಗತಿಪರ ಚಿಂತಕರು ಹಾಗೂ ಜಿಲ್ಲಾ ಹಾಗೂ ತಾಲ್ಲೂಕು ಬಂಜಾರ ಸಂಘದಿಂದ ಅಭಿನಂದನೆಗಳು ಹಾಗೂ ಸನ್ಮಾನಗಳ ಮಹಾಪೂರ ಹರಿದುಬರುತ್ತಿದೆ ಎನ್ನಲಾಗಿದೆ.
ಇಂದು ತಲೆಮಾರಿನ ಸಿರಿ ಲೋಕಾರ್ಪಣೆ
ತುಮಕೂರು: 200 ವರ್ಷಗಳ 7 ತಲೆಮಾರುಗಳ ಕಥೆ ಹೇಳುವ ತಲೆಮಾರಿನ ಸಿರಿ ಕೃತಿಯ ಲೋಕಾರ್ಪಣೆ ಸಮಾರಂಭ ಜನವರಿ 24 ರ ಶನಿವಾರ ಮಧ್ಯಾಹ್ನ 3 ಗಂಟೆಗೆ ಏರ್ಪಡಿಸಲಾಗಿದೆ. ನಗರದ ಎಸ್ ಐಟಿ ಕಾಲೇಜಿನ ಬಿರ್ಲಾ ಸಭಾಂಗಣದಲ್ಲಿ ನಡೆಯಲಿರುವ ಕಾರ್ಯಕ್ರಮದಲ್ಲಿ ಸಿದ್ಧಗಂಗಾ ಮಠಾಧ್ಯಕ್ಷರಾದ ಶ್ರೀ ಸಿದ್ದಲಿಂಗ ಸ್ವಾಮೀಜಿಯವರು ದಿವ್ಯ ಸಾನ್ನಿಧ್ಯ ವಹಿಸಲಿದ್ದಾರೆ. ಸಿದ್ಧಗಂಗಾ ಮಠದ ಕಾರ್ಯದರ್ಶಿ ಟಿ.ಕೆ.ನಂಜುಂಡಪ್ಪ ಸಿದ್ಧಗಂಗಾ ಮಠದ ಹಿರಿಯ ವಿದ್ಯಾರ್ಥಿ ಡಾ. ಎಸ್. ಪರಮೇಶ್ ಉದ್ಘಾಟಿಸಲಿದ್ದಾರೆ. ಹಿರಿಯ ಸಾಹಿತಿಗಳು ಕೃತಿ ಬಿಡುಗಡೆ ಮಾಡಲಿದ್ದಾರೆ. 102 ವರ್ಷಗಳ ಹಿರಿಯ ಜೀವಿ, 1945ರಲ್ಲಿ ನಿವೃತ್ತಿಯ ಸಂದರ್ಭದಲ್ಲಿ ಬರೆದ ಕೃತಿಯನ್ನು ಮೊಮ್ಮಕ್ಕಳು ಪ್ರಕಟಿಸಿದ್ದಾರೆ. ನಿರಂತರ ಏಳು ವರ್ಷಗಳ ಕಾಲ ಅಧ್ಯಯನ ನಡೆಸಿ ತಲೆಮಾರುಗಳ ಇತಿಹಾಸವನ್ನು ದಾಖಲಿಸಲಾಗಿದೆ ಎಂದು ತಿಳಿಸಲಾಗಿದೆ.
ತುಮಕೂರು: ಅಖಿಲ ಭಾರತ ವೀರಶೈವ ಲಿಂಗಾಯತ ಮಹಾಸಭಾದ ಜಿಲ್ಲಾ ಘಟಕದ ವತಿಯಿಂದ ಸಿದ್ದಗಂಗಾ ಮಠದ ಶ್ರೀ ಶಿವಕುಮಾರ ಸ್ವಾಮೀಜಿಯವರ ಪುಣ್ಯಸ್ಮರಣೆ ಅಂಗವಾಗಿ ಗೌರವ ನಮನ ಕಾರ್ಯಕ್ರಮ ನಡೆಸಲಾಯಿತು. ಮಹಾಸಭಾದ ರಾಷ್ಟ್ರೀಯ ಉಪಾಧ್ಯಕ್ಷರು, ಜಿಲ್ಲಾಧ್ಯಕ್ಷರು ಸೇರಿದಂತೆ ಪದಾಧಿಕಾರಿಗಳು ಉಪಸ್ಥಿತರಿದ್ದರು.
EDITOR: RAVI KUMAR.C.H, CHIMPUGANAHALLI (VILLEGE), KODALAHALLI (POST), KORATGERE TALUK - 572121, TUMAKURU DISTRICT, KARNATAKA PRINTED BY: T.S.KRISHNAMURTHY, ANJANADRI PRINTERS, 4th CROSS, VINAYAKA NAGARA, TUMAKURU-572101. KARNATAKA, PUBLISHED BY: RAVI KUMAR.C.H, CHIMPUGANAHALLI (VILLEGE), KODALAHALLI (POST), KORATGERE TALUK - 572121, TUMAKURU DISTRICT, KARNATAKA. OWNED BY: RAVI KUMAR.C.H, CHIMPUGANAHALLI (VILLEGE), KODALAHALLI (POST), KORATGERE TALUK - 572121, TUMAKURU DISTRICT, KARNATAKA PRINTED AT: ANJANADRI PRINTERS, 4th CROSS, VINAYAKA NAGARA, TUMAKURU-572101. KARNATAKA, PUBLISHED AT: TUMAKURU, CHIMPUGANAHALLI (VILLEGE), KODALAHALLI (POST), KORATGERE TALUK - 572121, TUMAKURU DISTRICT, KARNATAKA. SUB EDITOR-A.S.BANUPRAKASH          CONTACT : 9901010109 GMAIL: suryapragathi2021@gmail.com
